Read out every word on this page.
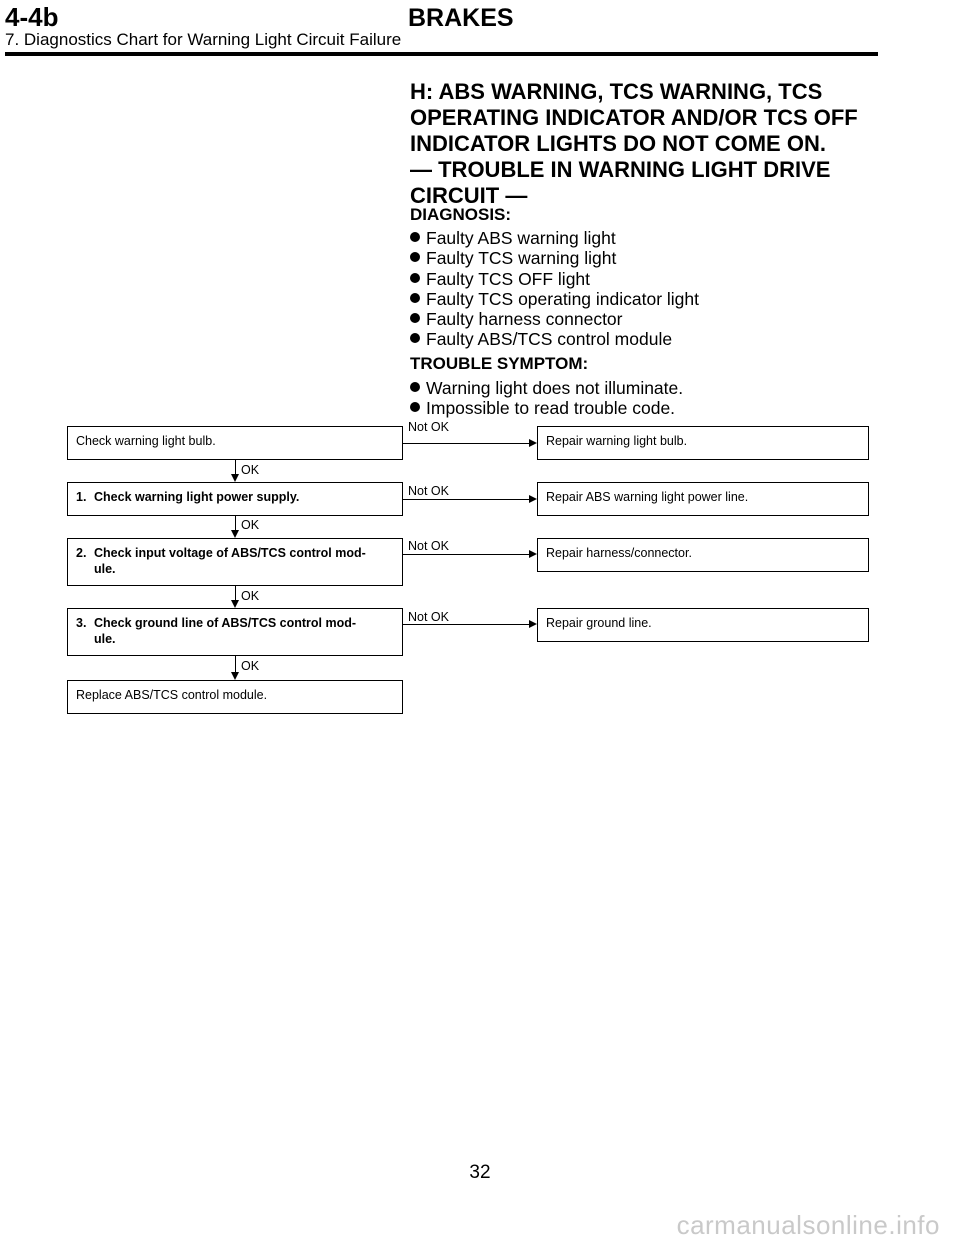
4-4b	BRAKES
7. Diagnostics Chart for Warning Light Circuit Failure
H: ABS WARNING, TCS WARNING, TCS
OPERATING INDICATOR AND/OR TCS OFF
INDICATOR LIGHTS DO NOT COME ON.
— TROUBLE IN WARNING LIGHT DRIVE
CIRCUIT —
DIAGNOSIS:
Faulty ABS warning light
Faulty TCS warning light
Faulty TCS OFF light
Faulty TCS operating indicator light
Faulty harness connector
Faulty ABS/TCS control module
TROUBLE SYMPTOM:
Warning light does not illuminate.
Impossible to read trouble code.
Check warning light bulb.
Not OK
Repair warning light bulb.
OK
1. Check warning light power supply.	Not OK	Repair ABS warning light power line.
OK
2. Check input voltage of ABS/TCS control mod-
ule.
Not OK	Repair harness/connector.
OK
3. Check ground line of ABS/TCS control mod-
ule.
Not OK	Repair ground line.
OK
Replace ABS/TCS control module.
32
carmanualsonline.info
